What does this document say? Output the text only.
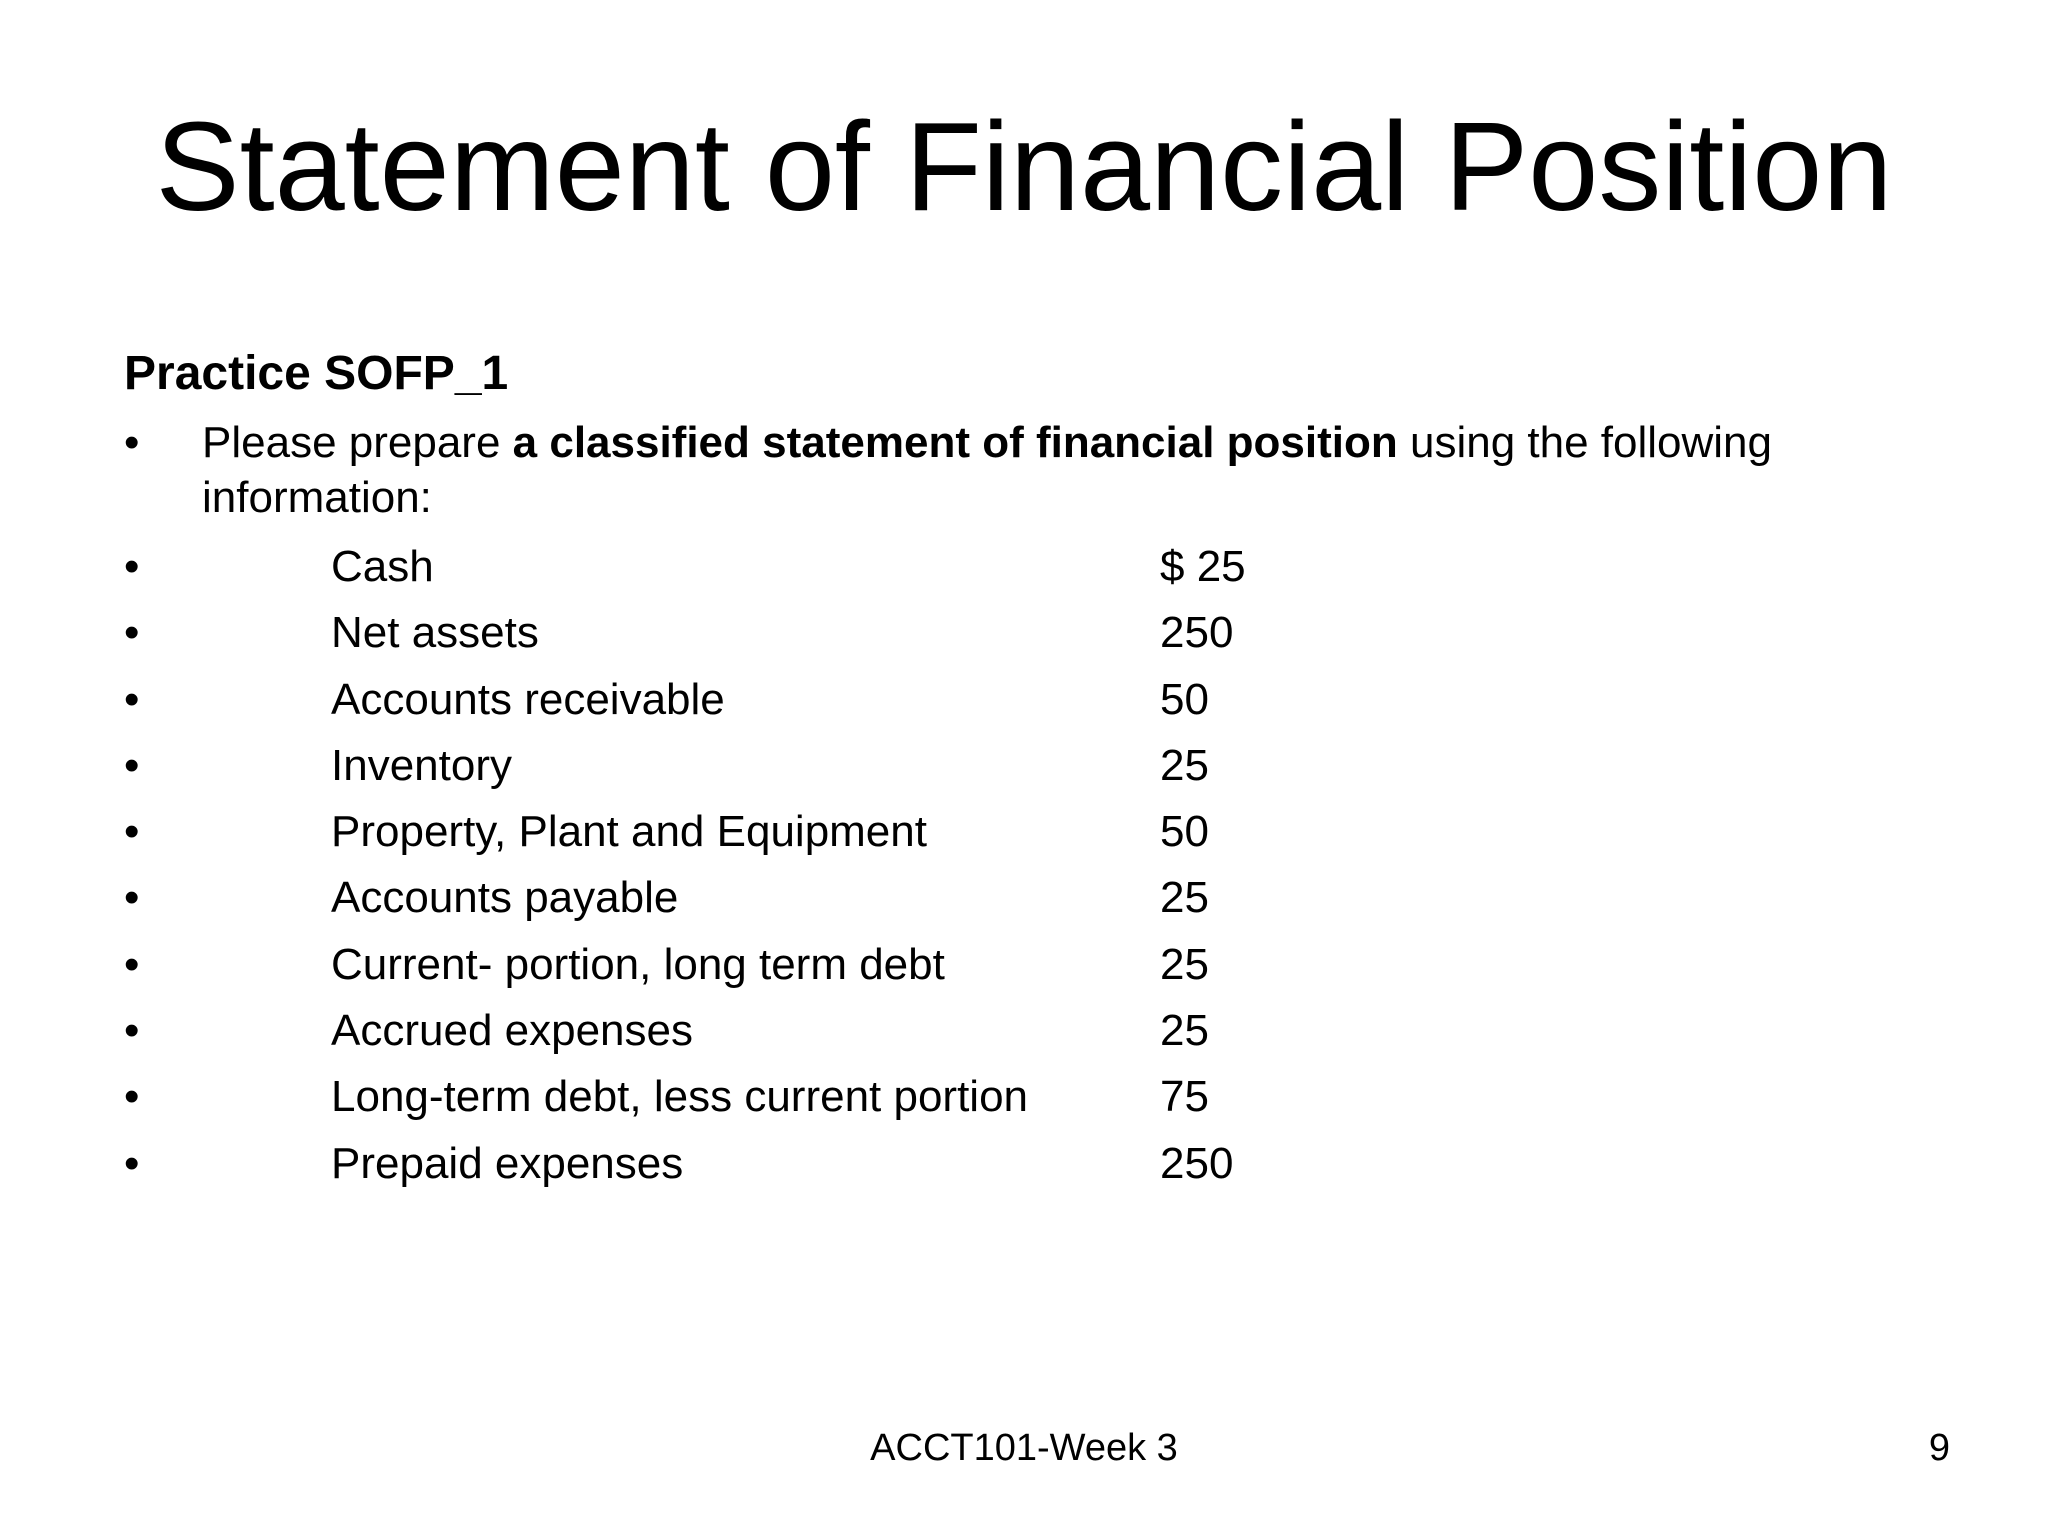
Statement of Financial Position
Practice SOFP_1
• Please prepare a classified statement of financial position using the following
information:
•	Cash	$ 25
•	Net assets	250
•	Accounts receivable	50
•	Inventory	25
•	Property, Plant and Equipment	50
•	Accounts payable	25
•	Current- portion, long term debt	25
•	Accrued expenses	25
•	Long-term debt, less current portion	75
•	Prepaid expenses	250
ACCT101-Week 3	9
